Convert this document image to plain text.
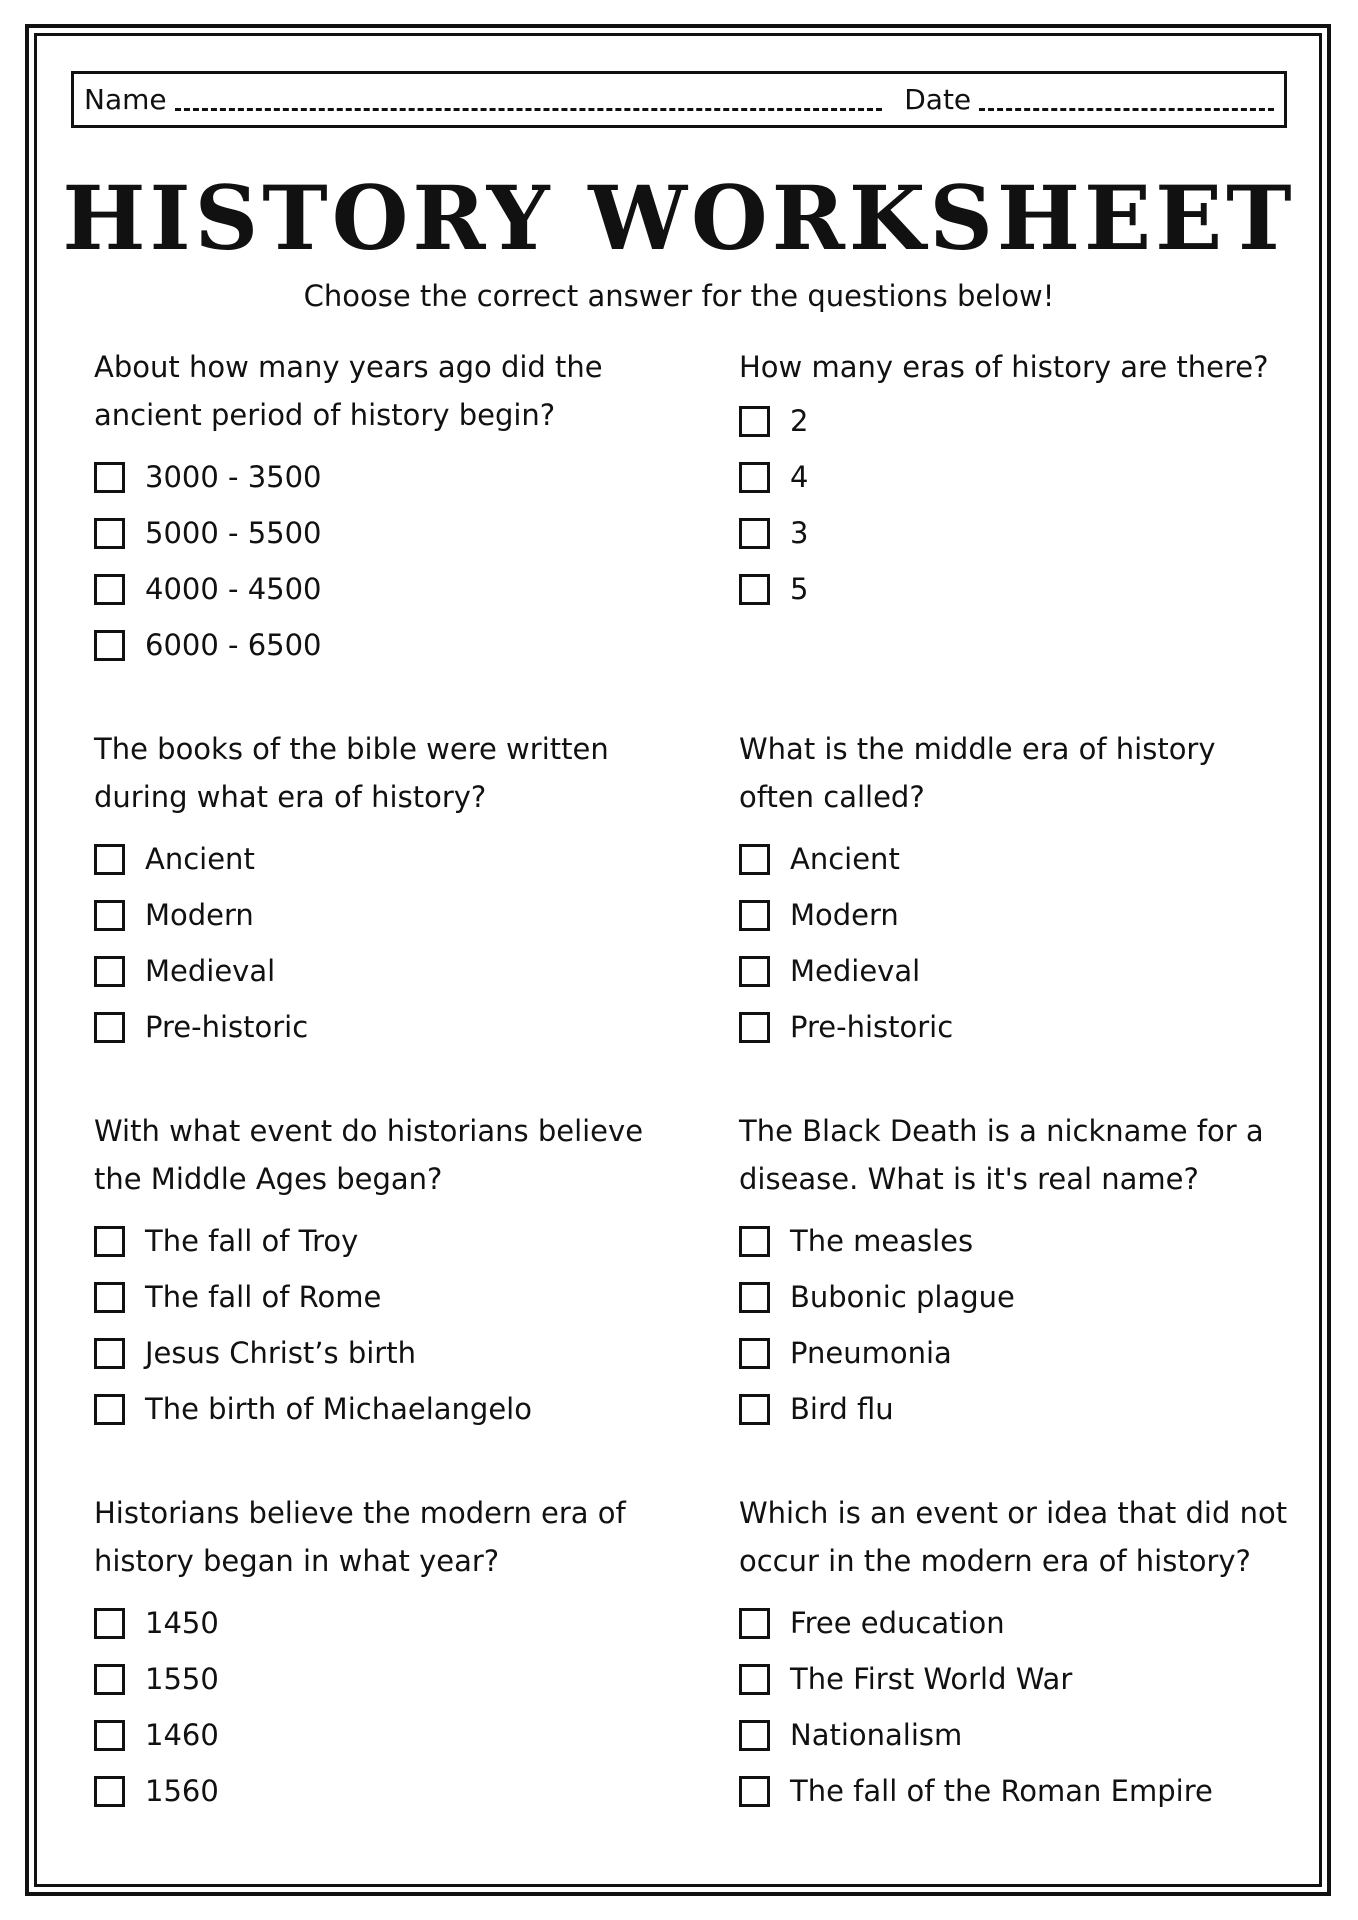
Name	Date
HISTORY WORKSHEET
Choose the correct answer for the questions below!

About how many years ago did the ancient period of history begin?

3000 - 3500
5000 - 5500
4000 - 4500
6000 - 6500

How many eras of history are there?

2
4
3
5

The books of the bible were written during what era of history?

Ancient
Modern
Medieval
Pre-historic

What is the middle era of history often called?

Ancient
Modern
Medieval
Pre-historic

With what event do historians believe the Middle Ages began?

The fall of Troy
The fall of Rome
Jesus Christ’s birth
The birth of Michaelangelo

The Black Death is a nickname for a disease. What is it's real name?

The measles
Bubonic plague
Pneumonia
Bird flu

Historians believe the modern era of history began in what year?

1450
1550
1460
1560

Which is an event or idea that did not occur in the modern era of history?

Free education
The First World War
Nationalism
The fall of the Roman Empire
